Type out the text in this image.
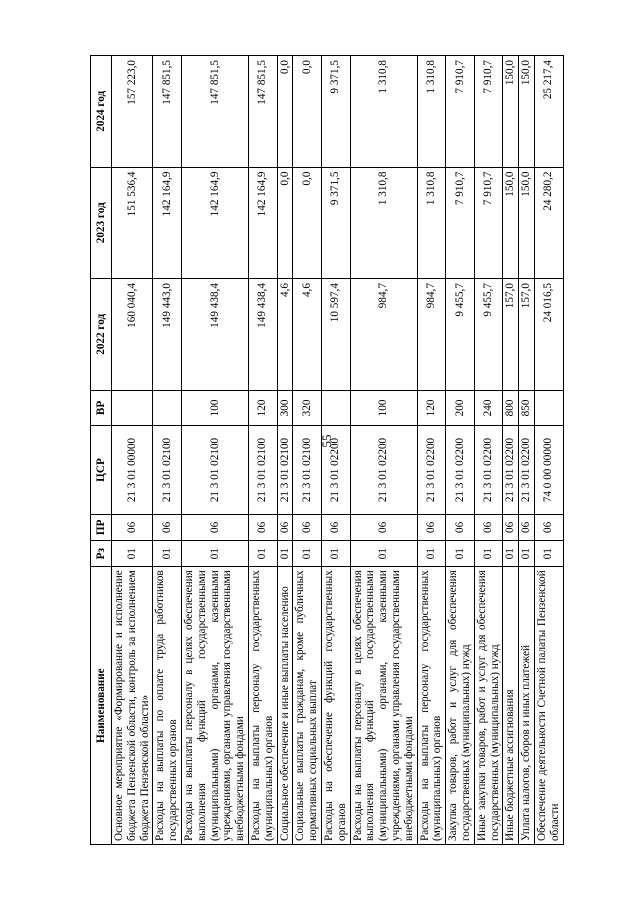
55
Наименование	Рз	ПР	ЦСР	ВР	2022 год	2023 год	2024 год
Основное мероприятие «Формирование и исполнение бюджета Пензенской области, контроль за исполнением бюджета Пензенской области»	01	06	21 3 01 00000		160 040,4	151 536,4	157 223,0
Расходы на выплаты по оплате труда работников государственных органов	01	06	21 3 01 02100		149 443,0	142 164,9	147 851,5
Расходы на выплаты персоналу в целях обеспечения выполнения функций государственными (муниципальными) органами, казенными учреждениями, органами управления государственными внебюджетными фондами	01	06	21 3 01 02100	100	149 438,4	142 164,9	147 851,5
Расходы на выплаты персоналу государственных (муниципальных) органов	01	06	21 3 01 02100	120	149 438,4	142 164,9	147 851,5
Социальное обеспечение и иные выплаты населению	01	06	21 3 01 02100	300	4,6	0,0	0,0
Социальные выплаты гражданам, кроме публичных нормативных социальных выплат	01	06	21 3 01 02100	320	4,6	0,0	0,0
Расходы на обеспечение функций государственных органов	01	06	21 3 01 02200		10 597,4	9 371,5	9 371,5
Расходы на выплаты персоналу в целях обеспечения выполнения функций государственными (муниципальными) органами, казенными учреждениями, органами управления государственными внебюджетными фондами	01	06	21 3 01 02200	100	984,7	1 310,8	1 310,8
Расходы на выплаты персоналу государственных (муниципальных) органов	01	06	21 3 01 02200	120	984,7	1 310,8	1 310,8
Закупка товаров, работ и услуг для обеспечения государственных (муниципальных) нужд	01	06	21 3 01 02200	200	9 455,7	7 910,7	7 910,7
Иные закупки товаров, работ и услуг для обеспечения государственных (муниципальных) нужд	01	06	21 3 01 02200	240	9 455,7	7 910,7	7 910,7
Иные бюджетные ассигнования	01	06	21 3 01 02200	800	157,0	150,0	150,0
Уплата налогов, сборов и иных платежей	01	06	21 3 01 02200	850	157,0	150,0	150,0
Обеспечение деятельности Счетной палаты Пензенской области	01	06	74 0 00 00000		24 016,5	24 280,2	25 217,4
